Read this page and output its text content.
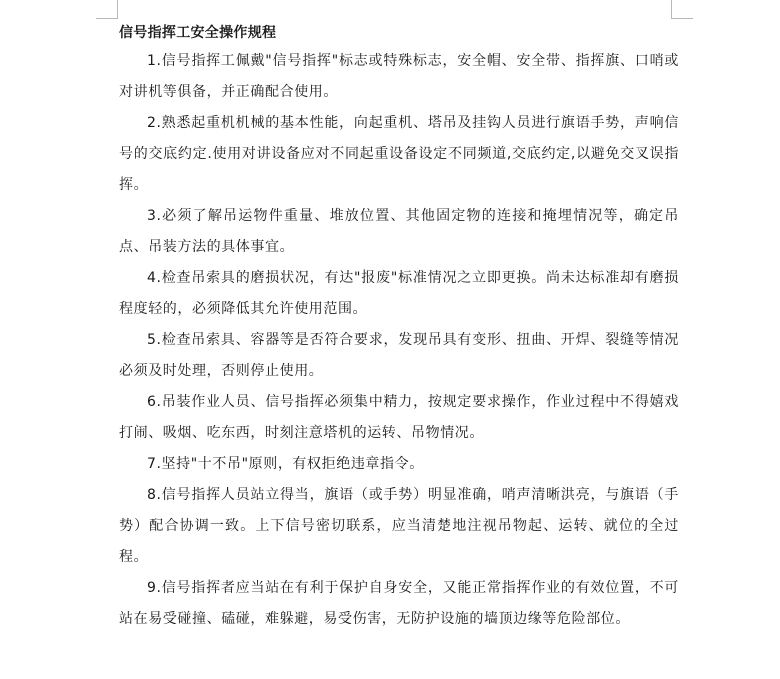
信号指挥工安全操作规程

1.信号指挥工佩戴"信号指挥"标志或特殊标志，安全帽、安全带、指挥旗、口哨或对讲机等俱备，并正确配合使用。

2.熟悉起重机机械的基本性能，向起重机、塔吊及挂钩人员进行旗语手势，声响信号的交底约定.使用对讲设备应对不同起重设备设定不同频道,交底约定,以避免交叉误指挥。

3.必须了解吊运物件重量、堆放位置、其他固定物的连接和掩埋情况等，确定吊点、吊装方法的具体事宜。

4.检查吊索具的磨损状况，有达"报废"标准情况之立即更换。尚未达标准却有磨损程度轻的，必须降低其允许使用范围。

5.检查吊索具、容器等是否符合要求，发现吊具有变形、扭曲、开焊、裂缝等情况必须及时处理，否则停止使用。

6.吊装作业人员、信号指挥必须集中精力，按规定要求操作，作业过程中不得嬉戏打闹、吸烟、吃东西，时刻注意塔机的运转、吊物情况。

7.坚持"十不吊"原则，有权拒绝违章指令。

8.信号指挥人员站立得当，旗语（或手势）明显准确，哨声清晰洪亮，与旗语（手势）配合协调一致。上下信号密切联系，应当清楚地注视吊物起、运转、就位的全过程。

9.信号指挥者应当站在有利于保护自身安全，又能正常指挥作业的有效位置，不可站在易受碰撞、磕碰，难躲避，易受伤害，无防护设施的墙顶边缘等危险部位。
